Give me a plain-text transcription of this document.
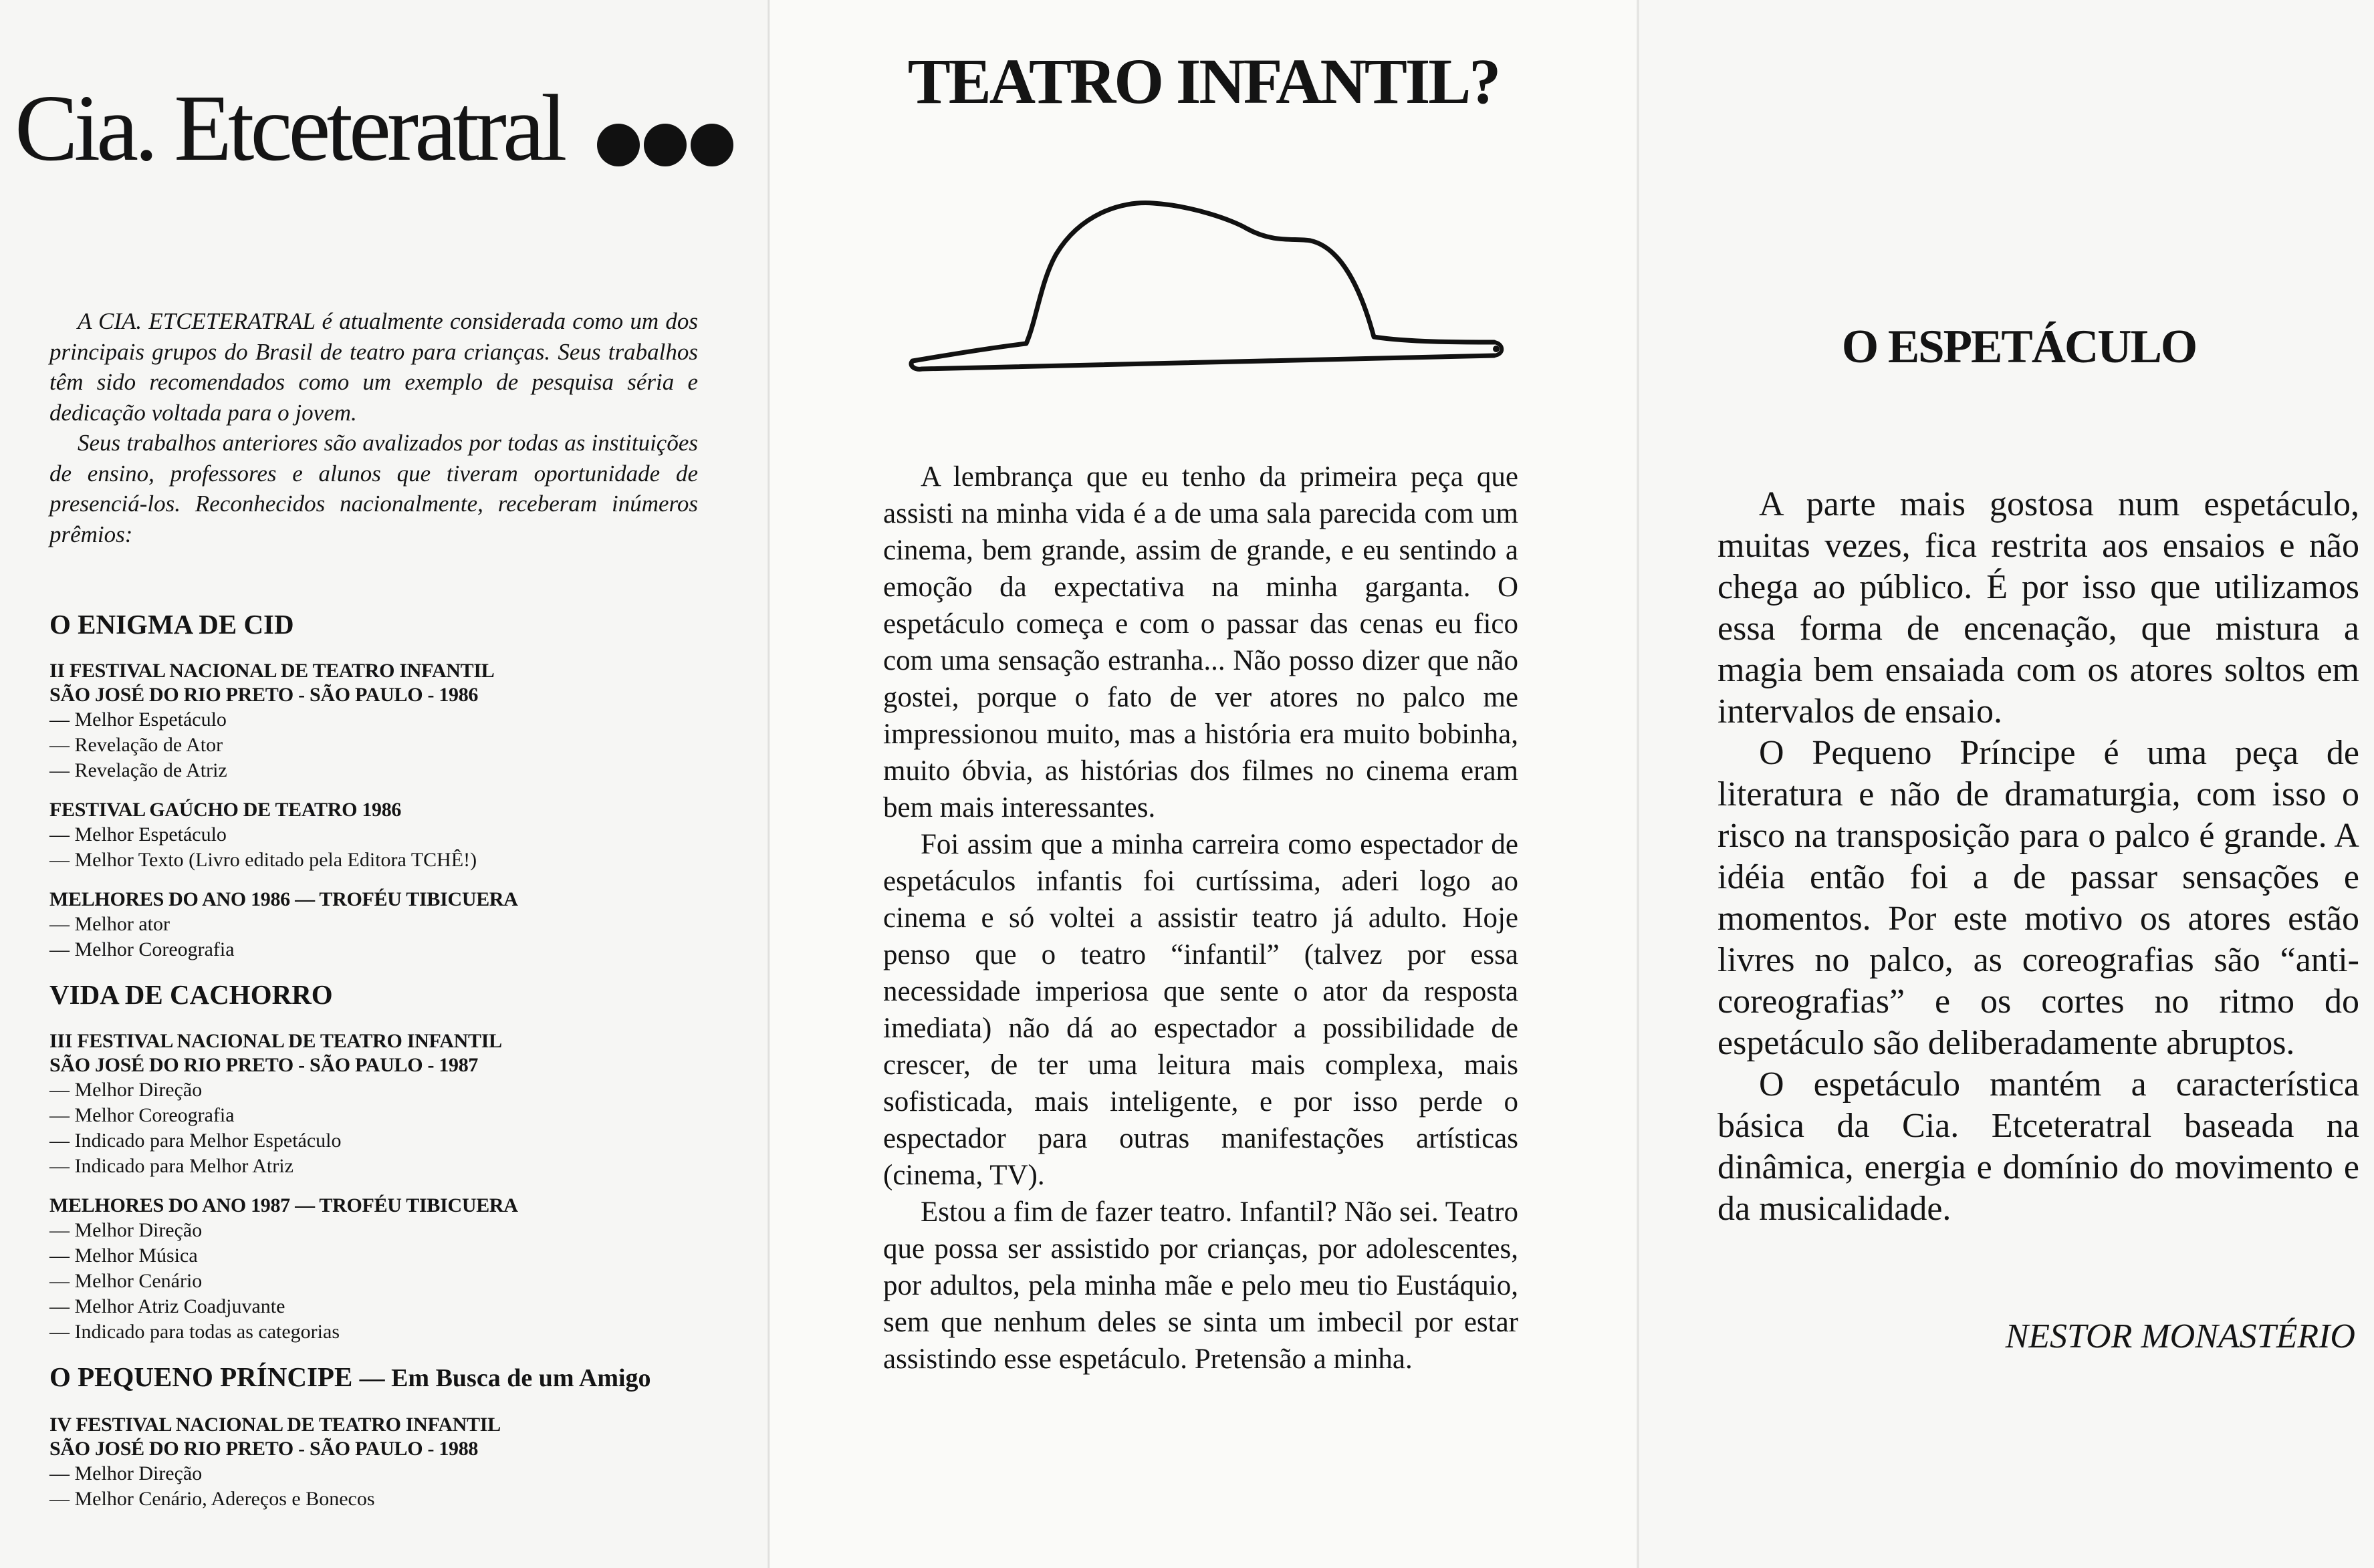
Cia. Etceteratral

A CIA. ETCETERATRAL é atualmente considerada como um dos principais grupos do Brasil de teatro para crianças. Seus trabalhos têm sido recomendados como um exemplo de pesquisa séria e dedicação voltada para o jovem.

Seus trabalhos anteriores são avalizados por todas as instituições de ensino, professores e alunos que tiveram oportunidade de presenciá-los. Reconhecidos nacionalmente, receberam inúmeros prêmios:

O ENIGMA DE CID
II FESTIVAL NACIONAL DE TEATRO INFANTIL
SÃO JOSÉ DO RIO PRETO - SÃO PAULO - 1986
— Melhor Espetáculo
— Revelação de Ator
— Revelação de Atriz
FESTIVAL GAÚCHO DE TEATRO 1986
— Melhor Espetáculo
— Melhor Texto (Livro editado pela Editora TCHÊ!)
MELHORES DO ANO 1986 — TROFÉU TIBICUERA
— Melhor ator
— Melhor Coreografia
VIDA DE CACHORRO
III FESTIVAL NACIONAL DE TEATRO INFANTIL
SÃO JOSÉ DO RIO PRETO - SÃO PAULO - 1987
— Melhor Direção
— Melhor Coreografia
— Indicado para Melhor Espetáculo
— Indicado para Melhor Atriz
MELHORES DO ANO 1987 — TROFÉU TIBICUERA
— Melhor Direção
— Melhor Música
— Melhor Cenário
— Melhor Atriz Coadjuvante
— Indicado para todas as categorias
O PEQUENO PRÍNCIPE — Em Busca de um Amigo
IV FESTIVAL NACIONAL DE TEATRO INFANTIL
SÃO JOSÉ DO RIO PRETO - SÃO PAULO - 1988
— Melhor Direção
— Melhor Cenário, Adereços e Bonecos
TEATRO INFANTIL?

A lembrança que eu tenho da primeira peça que assisti na minha vida é a de uma sala parecida com um cinema, bem grande, assim de grande, e eu sentindo a emoção da expectativa na minha garganta. O espetáculo começa e com o passar das cenas eu fico com uma sensação estranha... Não posso dizer que não gostei, porque o fato de ver atores no palco me impressionou muito, mas a história era muito bobinha, muito óbvia, as histórias dos filmes no cinema eram bem mais interessantes.

Foi assim que a minha carreira como espectador de espetáculos infantis foi curtíssima, aderi logo ao cinema e só voltei a assistir teatro já adulto. Hoje penso que o teatro “infantil” (talvez por essa necessidade imperiosa que sente o ator da resposta imediata) não dá ao espectador a possibilidade de crescer, de ter uma leitura mais complexa, mais sofisticada, mais inteligente, e por isso perde o espectador para outras manifestações artísticas (cinema, TV).

Estou a fim de fazer teatro. Infantil? Não sei. Teatro que possa ser assistido por crianças, por adolescentes, por adultos, pela minha mãe e pelo meu tio Eustáquio, sem que nenhum deles se sinta um imbecil por estar assistindo esse espetáculo. Pretensão a minha.

O ESPETÁCULO

A parte mais gostosa num espetáculo, muitas vezes, fica restrita aos ensaios e não chega ao público. É por isso que utilizamos essa forma de encenação, que mistura a magia bem ensaiada com os atores soltos em intervalos de ensaio.

O Pequeno Príncipe é uma peça de literatura e não de dramaturgia, com isso o risco na transposição para o palco é grande. A idéia então foi a de passar sensações e momentos. Por este motivo os atores estão livres no palco, as coreografias são “anti-coreografias” e os cortes no ritmo do espetáculo são deliberadamente abruptos.

O espetáculo mantém a característica básica da Cia. Etceteratral baseada na dinâmica, energia e domínio do movimento e da musicalidade.

NESTOR MONASTÉRIO
